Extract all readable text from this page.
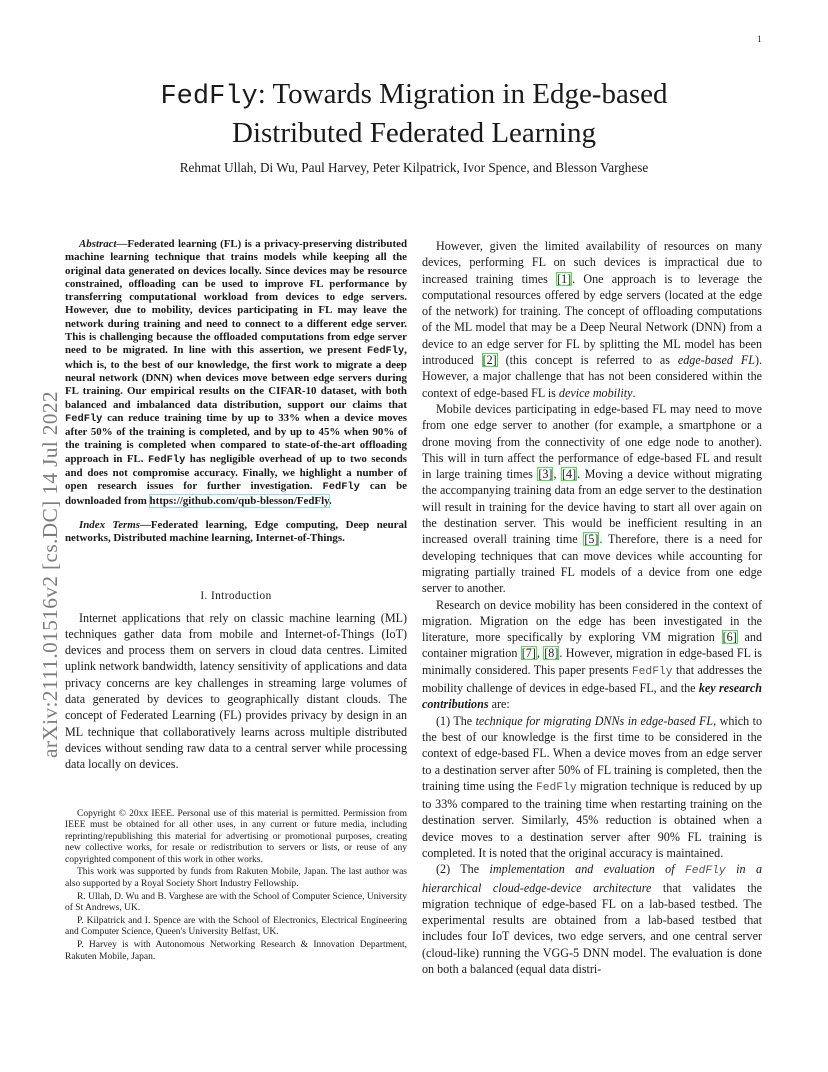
1
arXiv:2111.01516v2 [cs.DC] 14 Jul 2022
FedFly: Towards Migration in Edge-based Distributed Federated Learning
Rehmat Ullah, Di Wu, Paul Harvey, Peter Kilpatrick, Ivor Spence, and Blesson Varghese

Abstract—Federated learning (FL) is a privacy-preserving distributed machine learning technique that trains models while keeping all the original data generated on devices locally. Since devices may be resource constrained, offloading can be used to improve FL performance by transferring computational workload from devices to edge servers. However, due to mobility, devices participating in FL may leave the network during training and need to connect to a different edge server. This is challenging because the offloaded computations from edge server need to be migrated. In line with this assertion, we present FedFly, which is, to the best of our knowledge, the first work to migrate a deep neural network (DNN) when devices move between edge servers during FL training. Our empirical results on the CIFAR-10 dataset, with both balanced and imbalanced data distribution, support our claims that FedFly can reduce training time by up to 33% when a device moves after 50% of the training is completed, and by up to 45% when 90% of the training is completed when compared to state-of-the-art offloading approach in FL. FedFly has negligible overhead of up to two seconds and does not compromise accuracy. Finally, we highlight a number of open research issues for further investigation. FedFly can be downloaded from https://github.com/qub-blesson/FedFly.

Index Terms—Federated learning, Edge computing, Deep neural networks, Distributed machine learning, Internet-of-Things.

I. Introduction

Internet applications that rely on classic machine learning (ML) techniques gather data from mobile and Internet-of-Things (IoT) devices and process them on servers in cloud data centres. Limited uplink network bandwidth, latency sensitivity of applications and data privacy concerns are key challenges in streaming large volumes of data generated by devices to geographically distant clouds. The concept of Federated Learning (FL) provides privacy by design in an ML technique that collaboratively learns across multiple distributed devices without sending raw data to a central server while processing data locally on devices.

Copyright © 20xx IEEE. Personal use of this material is permitted. Permission from IEEE must be obtained for all other uses, in any current or future media, including reprinting/republishing this material for advertising or promotional purposes, creating new collective works, for resale or redistribution to servers or lists, or reuse of any copyrighted component of this work in other works.

This work was supported by funds from Rakuten Mobile, Japan. The last author was also supported by a Royal Society Short Industry Fellowship.

R. Ullah, D. Wu and B. Varghese are with the School of Computer Science, University of St Andrews, UK.

P. Kilpatrick and I. Spence are with the School of Electronics, Electrical Engineering and Computer Science, Queen's University Belfast, UK.

P. Harvey is with Autonomous Networking Research & Innovation Department, Rakuten Mobile, Japan.

However, given the limited availability of resources on many devices, performing FL on such devices is impractical due to increased training times [1]. One approach is to leverage the computational resources offered by edge servers (located at the edge of the network) for training. The concept of offloading computations of the ML model that may be a Deep Neural Network (DNN) from a device to an edge server for FL by splitting the ML model has been introduced [2] (this concept is referred to as edge-based FL). However, a major challenge that has not been considered within the context of edge-based FL is device mobility.

Mobile devices participating in edge-based FL may need to move from one edge server to another (for example, a smartphone or a drone moving from the connectivity of one edge node to another). This will in turn affect the performance of edge-based FL and result in large training times [3], [4]. Moving a device without migrating the accompanying training data from an edge server to the destination will result in training for the device having to start all over again on the destination server. This would be inefficient resulting in an increased overall training time [5]. Therefore, there is a need for developing techniques that can move devices while accounting for migrating partially trained FL models of a device from one edge server to another.

Research on device mobility has been considered in the context of migration. Migration on the edge has been investigated in the literature, more specifically by exploring VM migration [6] and container migration [7], [8]. However, migration in edge-based FL is minimally considered. This paper presents FedFly that addresses the mobility challenge of devices in edge-based FL, and the key research contributions are:

(1) The technique for migrating DNNs in edge-based FL, which to the best of our knowledge is the first time to be considered in the context of edge-based FL. When a device moves from an edge server to a destination server after 50% of FL training is completed, then the training time using the FedFly migration technique is reduced by up to 33% compared to the training time when restarting training on the destination server. Similarly, 45% reduction is obtained when a device moves to a destination server after 90% FL training is completed. It is noted that the original accuracy is maintained.

(2) The implementation and evaluation of FedFly in a hierarchical cloud-edge-device architecture that validates the migration technique of edge-based FL on a lab-based testbed. The experimental results are obtained from a lab-based testbed that includes four IoT devices, two edge servers, and one central server (cloud-like) running the VGG-5 DNN model. The evaluation is done on both a balanced (equal data distri-
